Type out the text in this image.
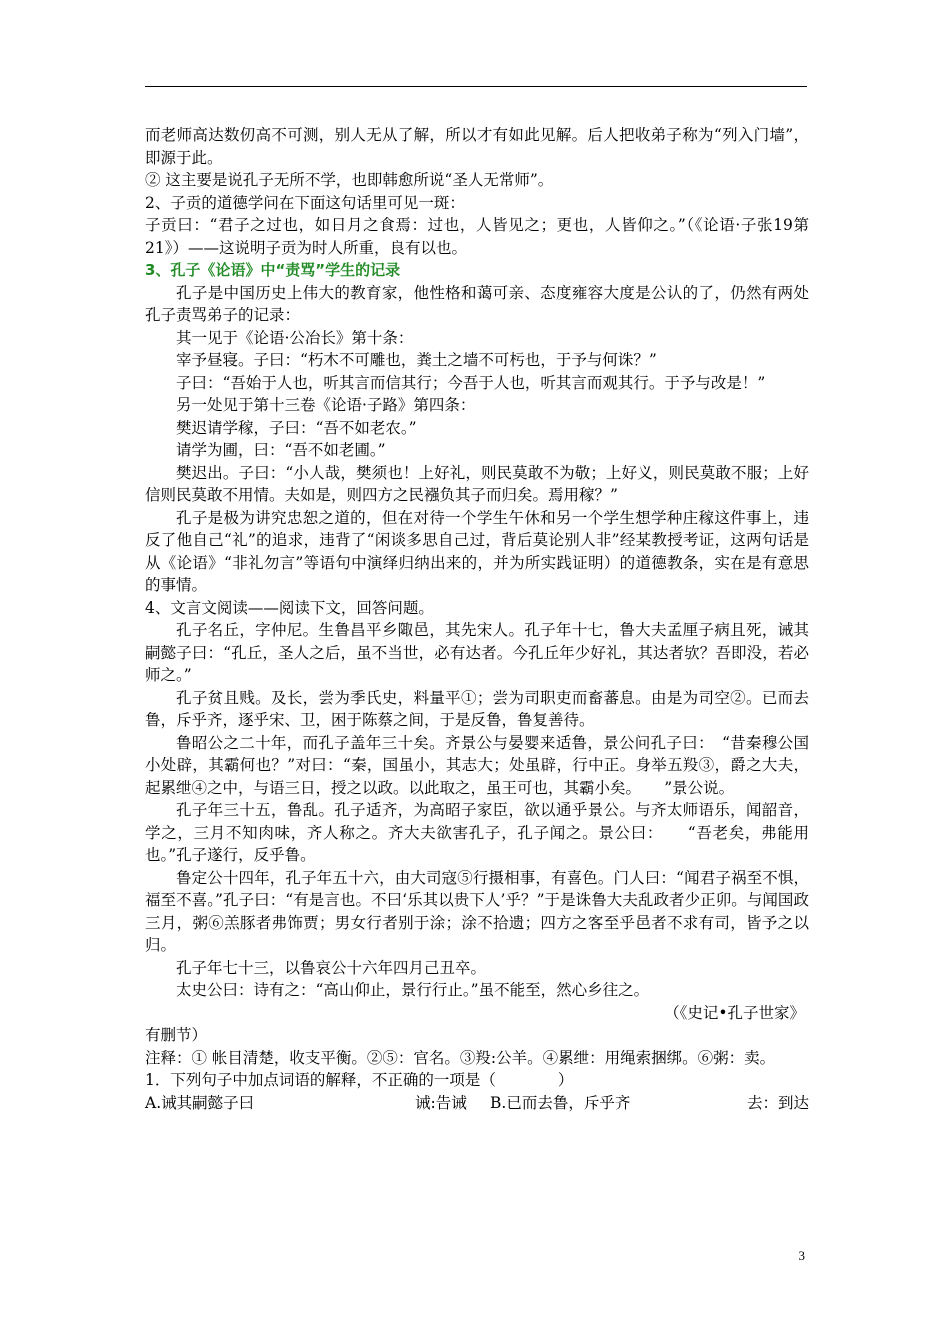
而老师高达数仞高不可测，别人无从了解，所以才有如此见解。后人把收弟子称为“列入门墙”，即源于此。

② 这主要是说孔子无所不学，也即韩愈所说“圣人无常师”。

2、子贡的道德学问在下面这句话里可见一斑：

子贡曰：“君子之过也，如日月之食焉：过也，人皆见之；更也，人皆仰之。”（《论语·子张19第21》）——这说明子贡为时人所重，良有以也。

3、孔子《论语》中“责骂”学生的记录

孔子是中国历史上伟大的教育家，他性格和蔼可亲、态度雍容大度是公认的了，仍然有两处孔子责骂弟子的记录：

其一见于《论语·公冶长》第十条：

宰予昼寝。子曰：“朽木不可雕也，粪土之墙不可杇也，于予与何诛？”

子曰：“吾始于人也，听其言而信其行；今吾于人也，听其言而观其行。于予与改是！”

另一处见于第十三卷《论语·子路》第四条：

樊迟请学稼，子曰：“吾不如老农。”

请学为圃，曰：“吾不如老圃。”

樊迟出。子曰：“小人哉，樊须也！上好礼，则民莫敢不为敬；上好义，则民莫敢不服；上好信则民莫敢不用情。夫如是，则四方之民襁负其子而归矣。焉用稼？”

孔子是极为讲究忠恕之道的，但在对待一个学生午休和另一个学生想学种庄稼这件事上，违反了他自己“礼”的追求，违背了“闲谈多思自己过，背后莫论别人非”经某教授考证，这两句话是从《论语》“非礼勿言”等语句中演绎归纳出来的，并为所实践证明）的道德教条，实在是有意思的事情。

4、文言文阅读——阅读下文，回答问题。

孔子名丘，字仲尼。生鲁昌平乡陬邑，其先宋人。孔子年十七，鲁大夫孟厘子病且死，诫其嗣懿子曰：“孔丘，圣人之后，虽不当世，必有达者。今孔丘年少好礼，其达者欤？吾即没，若必师之。”

孔子贫且贱。及长，尝为季氏史，料量平①；尝为司职吏而畜蕃息。由是为司空②。已而去鲁，斥乎齐，逐乎宋、卫，困于陈蔡之间，于是反鲁，鲁复善待。

鲁昭公之二十年，而孔子盖年三十矣。齐景公与晏婴来适鲁，景公问孔子曰：　“昔秦穆公国小处辟，其霸何也？”对曰：“秦，国虽小，其志大；处虽辟，行中正。身举五羖③，爵之大夫，起累绁④之中，与语三日，授之以政。以此取之，虽王可也，其霸小矣。　　”景公说。

孔子年三十五，鲁乱。孔子适齐，为高昭子家臣，欲以通乎景公。与齐太师语乐，闻韶音，学之，三月不知肉味，齐人称之。齐大夫欲害孔子，孔子闻之。景公曰：　　“吾老矣，弗能用也。”孔子遂行，反乎鲁。

鲁定公十四年，孔子年五十六，由大司寇⑤行摄相事，有喜色。门人曰：“闻君子祸至不惧，福至不喜。”孔子曰：“有是言也。不曰‘乐其以贵下人’乎？”于是诛鲁大夫乱政者少正卯。与闻国政三月，粥⑥羔豚者弗饰贾；男女行者别于涂；涂不拾遗；四方之客至乎邑者不求有司，皆予之以归。

孔子年七十三，以鲁哀公十六年四月己丑卒。

太史公曰：诗有之：“高山仰止，景行行止。”虽不能至，然心乡往之。

（《史记•孔子世家》

有删节）

注释：① 帐目清楚，收支平衡。②⑤：官名。③羖:公羊。④累绁：用绳索捆绑。⑥粥：卖。

1．下列句子中加点词语的解释，不正确的一项是（　　　　）

A.诫其嗣懿子曰	诫:告诫 B.已而去鲁，斥乎齐	去：到达
3
